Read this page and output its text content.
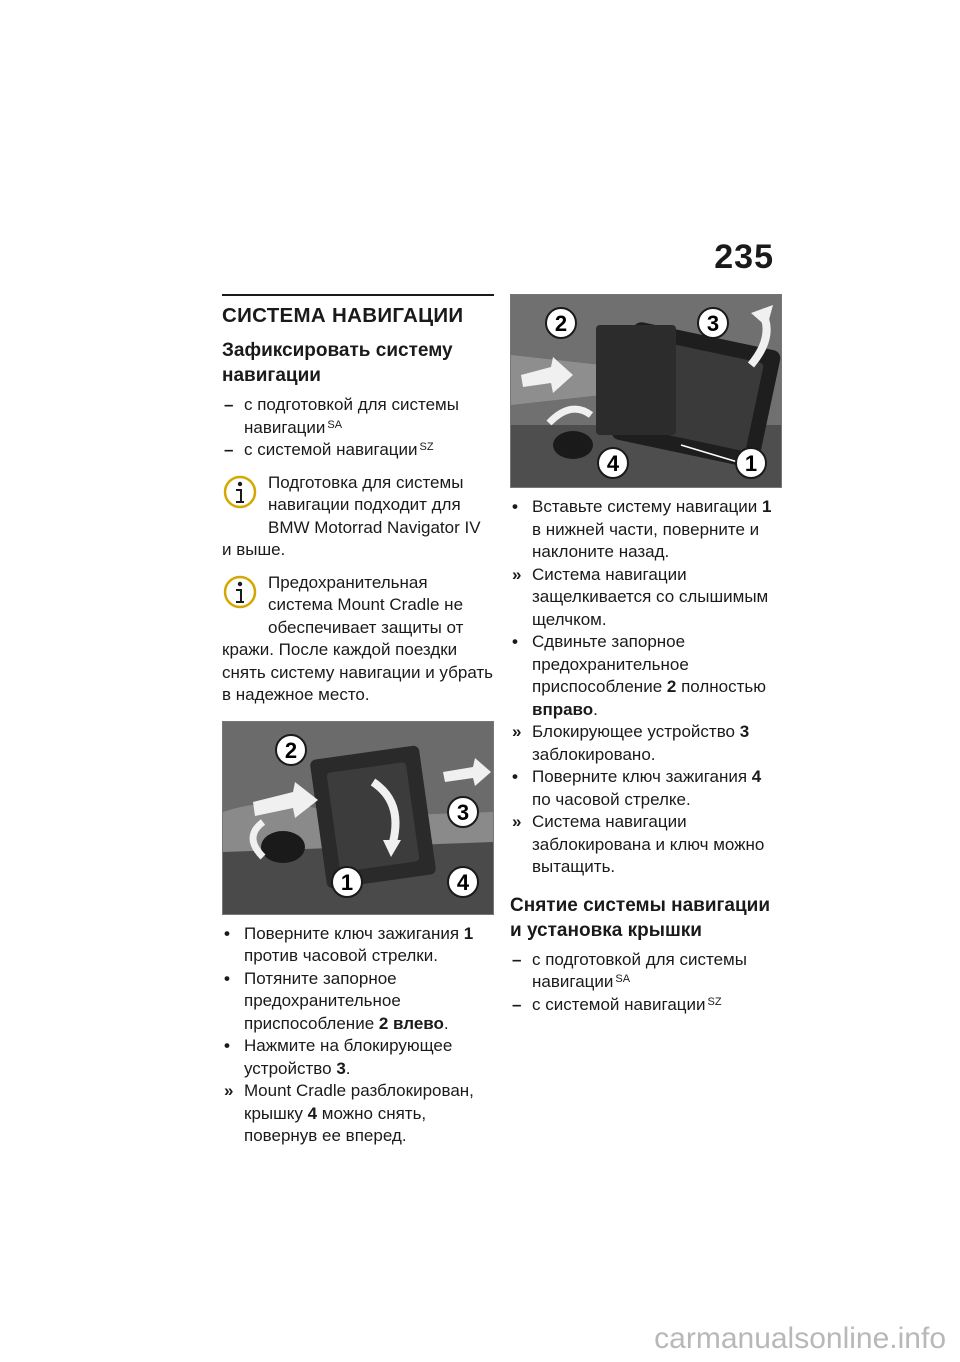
235
СИСТЕМА НАВИГАЦИИ
Зафиксировать систему навигации
– с подготовкой для системы навигации $^{SA}$
– с системой навигации $^{SZ}$
Подготовка для системы навигации подходит для BMW Motorrad Navigator IV и выше.
Предохранительная система Mount Cradle не обеспечивает защиты от кражи. После каждой поездки снять систему навигации и убрать в надежное место.
1
2
3
4
• Поверните ключ зажигания 1 против часовой стрелки.
• Потяните запорное предохранительное приспособление 2 влево.
• Нажмите на блокирующее устройство 3.
» Mount Cradle разблокирован, крышку 4 можно снять, повернув ее вперед.
1
2	3
4
• Вставьте систему навигации 1 в нижней части, поверните и наклоните назад.
» Система навигации защелкивается со слышимым щелчком.
• Сдвиньте запорное предохранительное приспособление 2 полностью вправо.
» Блокирующее устройство 3 заблокировано.
• Поверните ключ зажигания 4 по часовой стрелке.
» Система навигации заблокирована и ключ можно вытащить.
Снятие системы навигации и установка крышки
– с подготовкой для системы навигации $^{SA}$
– с системой навигации $^{SZ}$
carmanualsonline.info
